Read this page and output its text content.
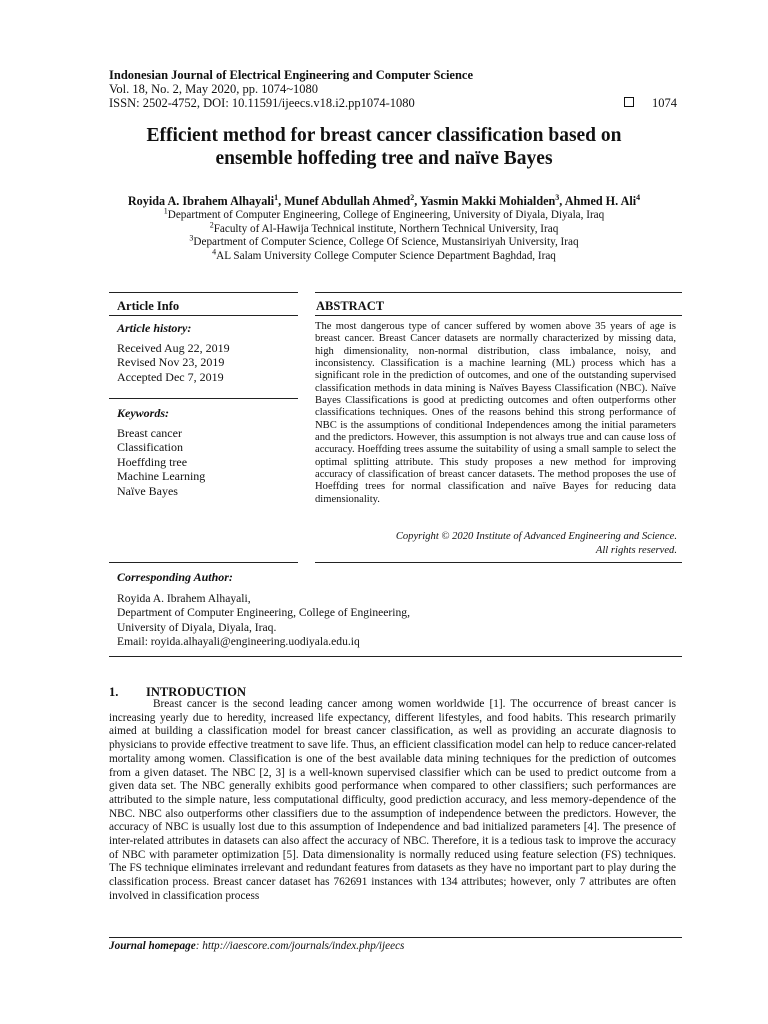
Indonesian Journal of Electrical Engineering and Computer Science
Vol. 18, No. 2, May 2020, pp. 1074~1080
ISSN: 2502-4752, DOI: 10.11591/ijeecs.v18.i2.pp1074-1080	1074
Efficient method for breast cancer classification based on
ensemble hoffeding tree and naïve Bayes
Royida A. Ibrahem Alhayali$^1$, Munef Abdullah Ahmed$^2$, Yasmin Makki Mohialden$^3$, Ahmed H. Ali$^4$
$^1$Department of Computer Engineering, College of Engineering, University of Diyala, Diyala, Iraq
$^2$Faculty of Al-Hawija Technical institute, Northern Technical University, Iraq
$^3$Department of Computer Science, College Of Science, Mustansiriyah University, Iraq
$^4$AL Salam University College Computer Science Department Baghdad, Iraq
Article Info	ABSTRACT
Article history:
Received Aug 22, 2019
Revised Nov 23, 2019
Accepted Dec 7, 2019
Keywords:
Breast cancer
Classification
Hoeffding tree
Machine Learning
Naïve Bayes
The most dangerous type of cancer suffered by women above 35 years of age is breast cancer. Breast Cancer datasets are normally characterized by missing data, high dimensionality, non-normal distribution, class imbalance, noisy, and inconsistency. Classification is a machine learning (ML) process which has a significant role in the prediction of outcomes, and one of the outstanding supervised classification methods in data mining is Naïves Bayess Classification (NBC). Naïve Bayes Classifications is good at predicting outcomes and often outperforms other classifications techniques. Ones of the reasons behind this strong performance of NBC is the assumptions of conditional Independences among the initial parameters and the predictors. However, this assumption is not always true and can cause loss of accuracy. Hoeffding trees assume the suitability of using a small sample to select the optimal splitting attribute. This study proposes a new method for improving accuracy of classification of breast cancer datasets. The method proposes the use of Hoeffding trees for normal classification and naïve Bayes for reducing data dimensionality.
Copyright © 2020 Institute of Advanced Engineering and Science.
All rights reserved.
Corresponding Author:
Royida A. Ibrahem Alhayali,
Department of Computer Engineering, College of Engineering,
University of Diyala, Diyala, Iraq.
Email: royida.alhayali@engineering.uodiyala.edu.iq
1. INTRODUCTION

Breast cancer is the second leading cancer among women worldwide [1]. The occurrence of breast cancer is increasing yearly due to heredity, increased life expectancy, different lifestyles, and food habits. This research primarily aimed at building a classification model for breast cancer classification, as well as providing an accurate diagnosis to physicians to provide effective treatment to save life. Thus, an efficient classification model can help to reduce cancer-related mortality among women. Classification is one of the best available data mining techniques for the prediction of outcomes from a given dataset. The NBC [2, 3] is a well-known supervised classifier which can be used to predict outcome from a given data set. The NBC generally exhibits good performance when compared to other classifiers; such performances are attributed to the simple nature, less computational difficulty, good prediction accuracy, and less memory-dependence of the NBC. NBC also outperforms other classifiers due to the assumption of independence between the predictors. However, the accuracy of NBC is usually lost due to this assumption of Independence and bad initialized parameters [4]. The presence of inter-related attributes in datasets can also affect the accuracy of NBC. Therefore, it is a tedious task to improve the accuracy of NBC with parameter optimization [5]. Data dimensionality is normally reduced using feature selection (FS) techniques. The FS technique eliminates irrelevant and redundant features from datasets as they have no important part to play during the classification process. Breast cancer dataset has 762691 instances with 134 attributes; however, only 7 attributes are often involved in classification process

Journal homepage: http://iaescore.com/journals/index.php/ijeecs
